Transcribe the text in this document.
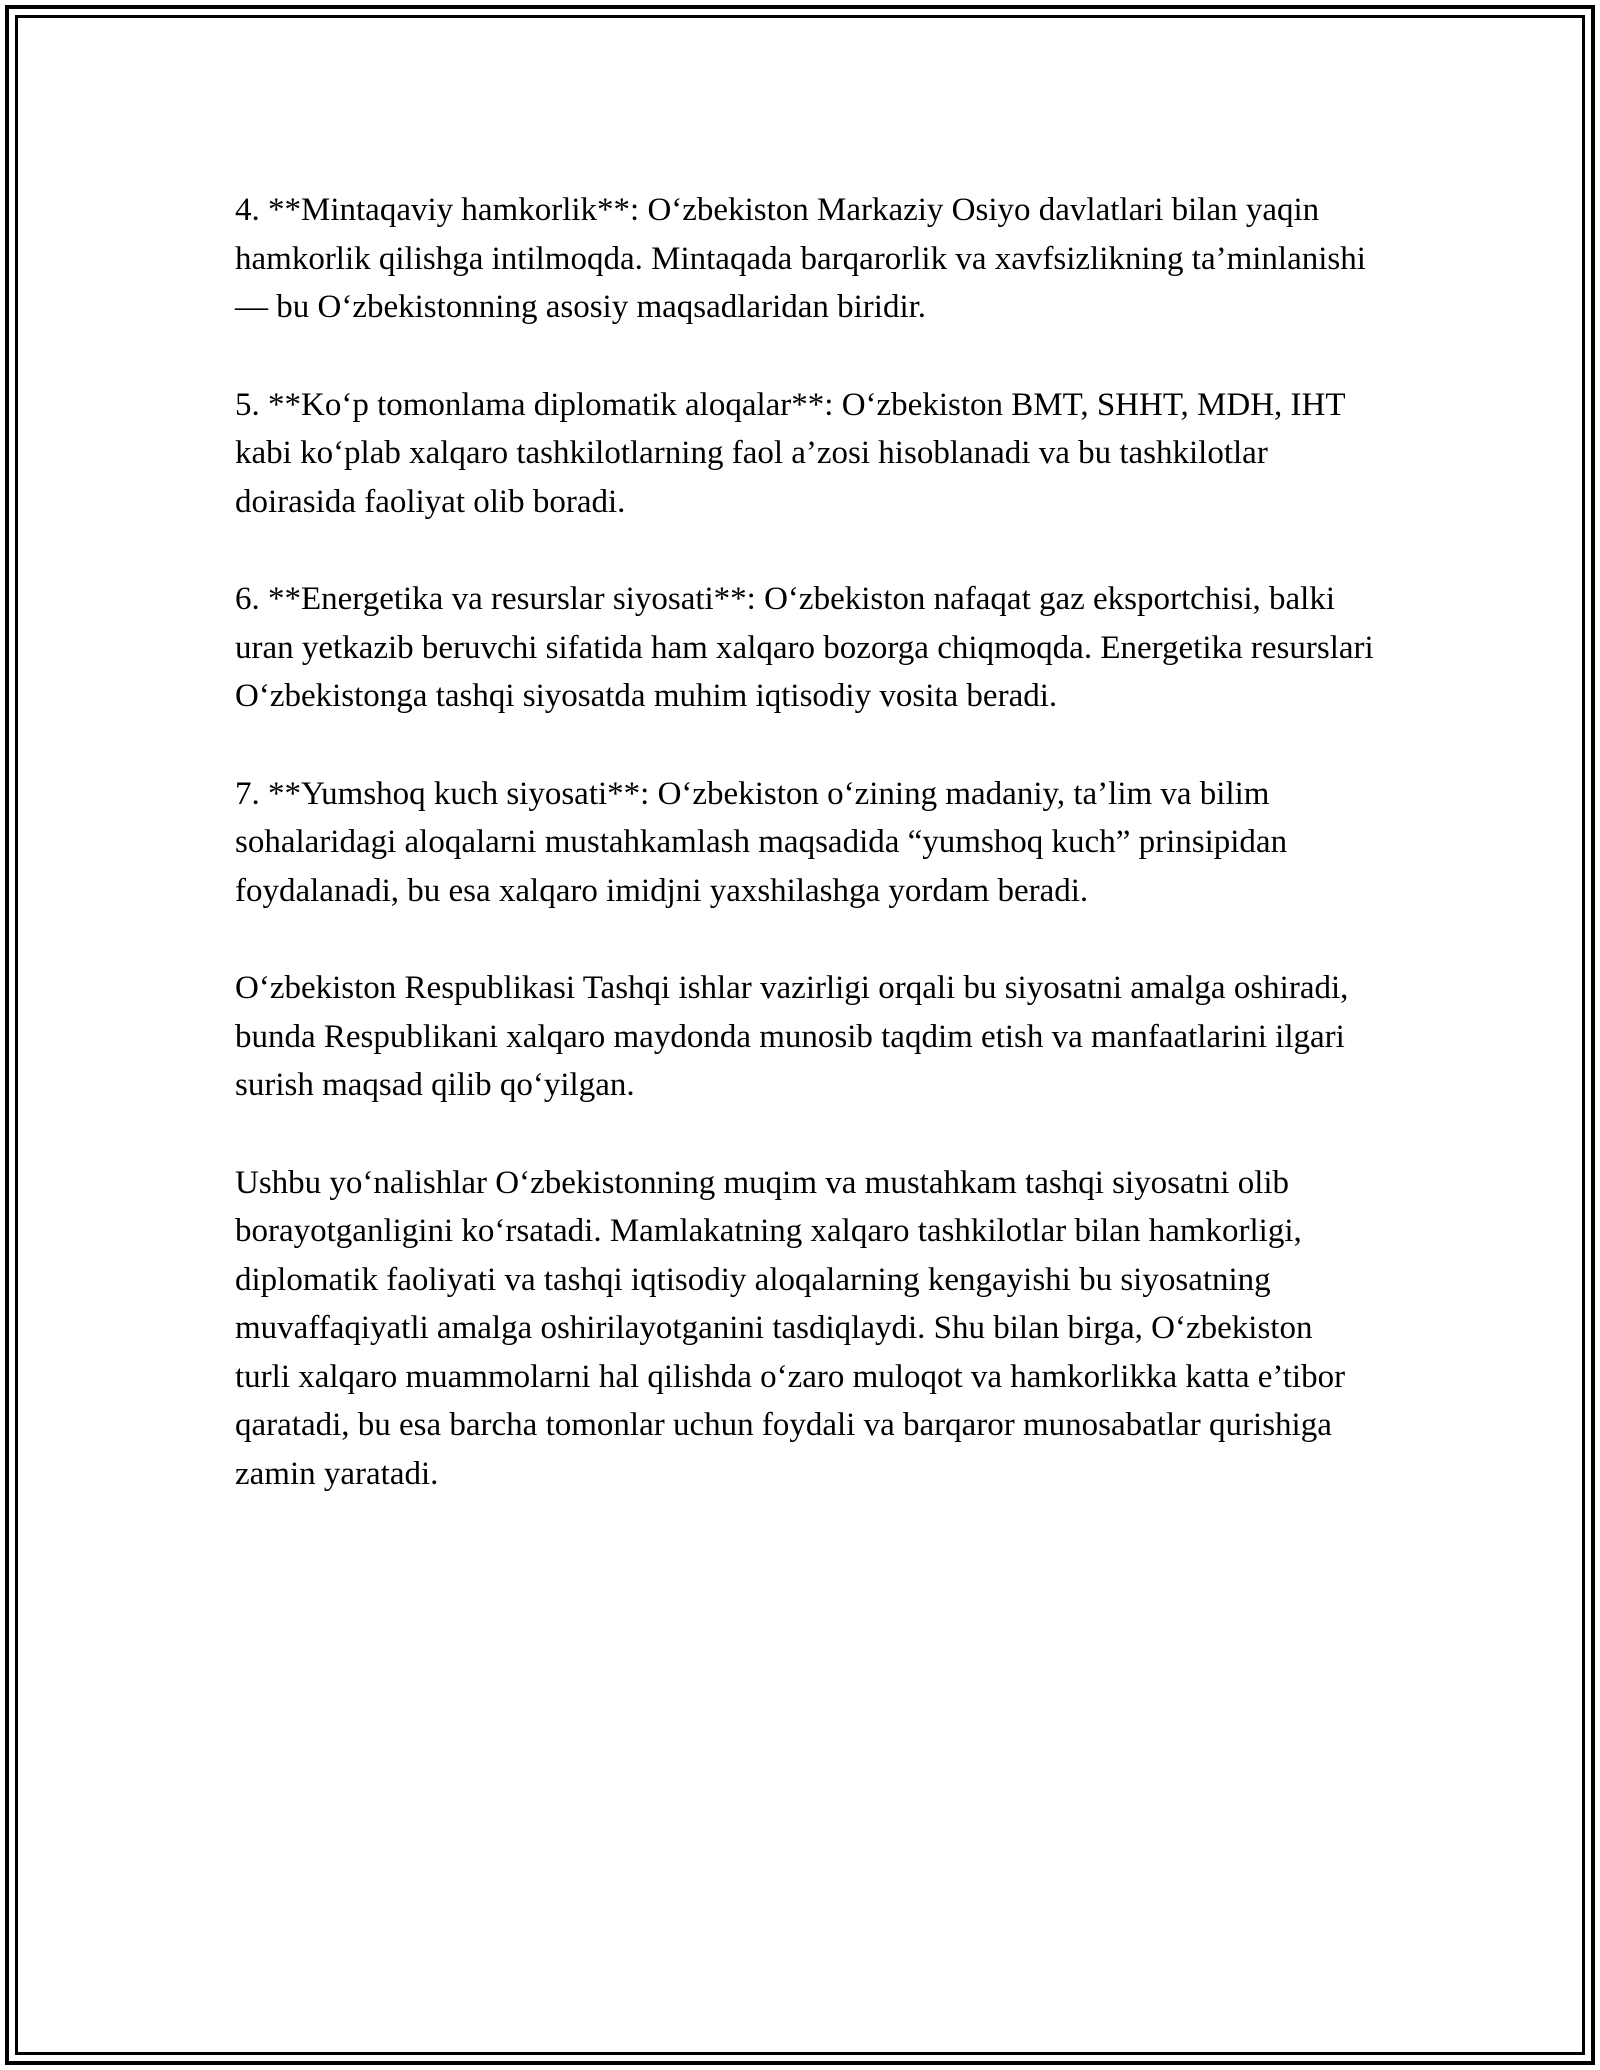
4. **Mintaqaviy hamkorlik**: O‘zbekiston Markaziy Osiyo davlatlari bilan yaqin hamkorlik qilishga intilmoqda. Mintaqada barqarorlik va xavfsizlikning ta’minlanishi — bu O‘zbekistonning asosiy maqsadlaridan biridir.

5. **Ko‘p tomonlama diplomatik aloqalar**: O‘zbekiston BMT, SHHT, MDH, IHT kabi ko‘plab xalqaro tashkilotlarning faol a’zosi hisoblanadi va bu tashkilotlar doirasida faoliyat olib boradi.

6. **Energetika va resurslar siyosati**: O‘zbekiston nafaqat gaz eksportchisi, balki uran yetkazib beruvchi sifatida ham xalqaro bozorga chiqmoqda. Energetika resurslari O‘zbekistonga tashqi siyosatda muhim iqtisodiy vosita beradi.

7. **Yumshoq kuch siyosati**: O‘zbekiston o‘zining madaniy, ta’lim va bilim sohalaridagi aloqalarni mustahkamlash maqsadida “yumshoq kuch” prinsipidan foydalanadi, bu esa xalqaro imidjni yaxshilashga yordam beradi.

O‘zbekiston Respublikasi Tashqi ishlar vazirligi orqali bu siyosatni amalga oshiradi, bunda Respublikani xalqaro maydonda munosib taqdim etish va manfaatlarini ilgari surish maqsad qilib qo‘yilgan.

Ushbu yo‘nalishlar O‘zbekistonning muqim va mustahkam tashqi siyosatni olib borayotganligini ko‘rsatadi. Mamlakatning xalqaro tashkilotlar bilan hamkorligi, diplomatik faoliyati va tashqi iqtisodiy aloqalarning kengayishi bu siyosatning muvaffaqiyatli amalga oshirilayotganini tasdiqlaydi. Shu bilan birga, O‘zbekiston turli xalqaro muammolarni hal qilishda o‘zaro muloqot va hamkorlikka katta e’tibor qaratadi, bu esa barcha tomonlar uchun foydali va barqaror munosabatlar qurishiga zamin yaratadi.
